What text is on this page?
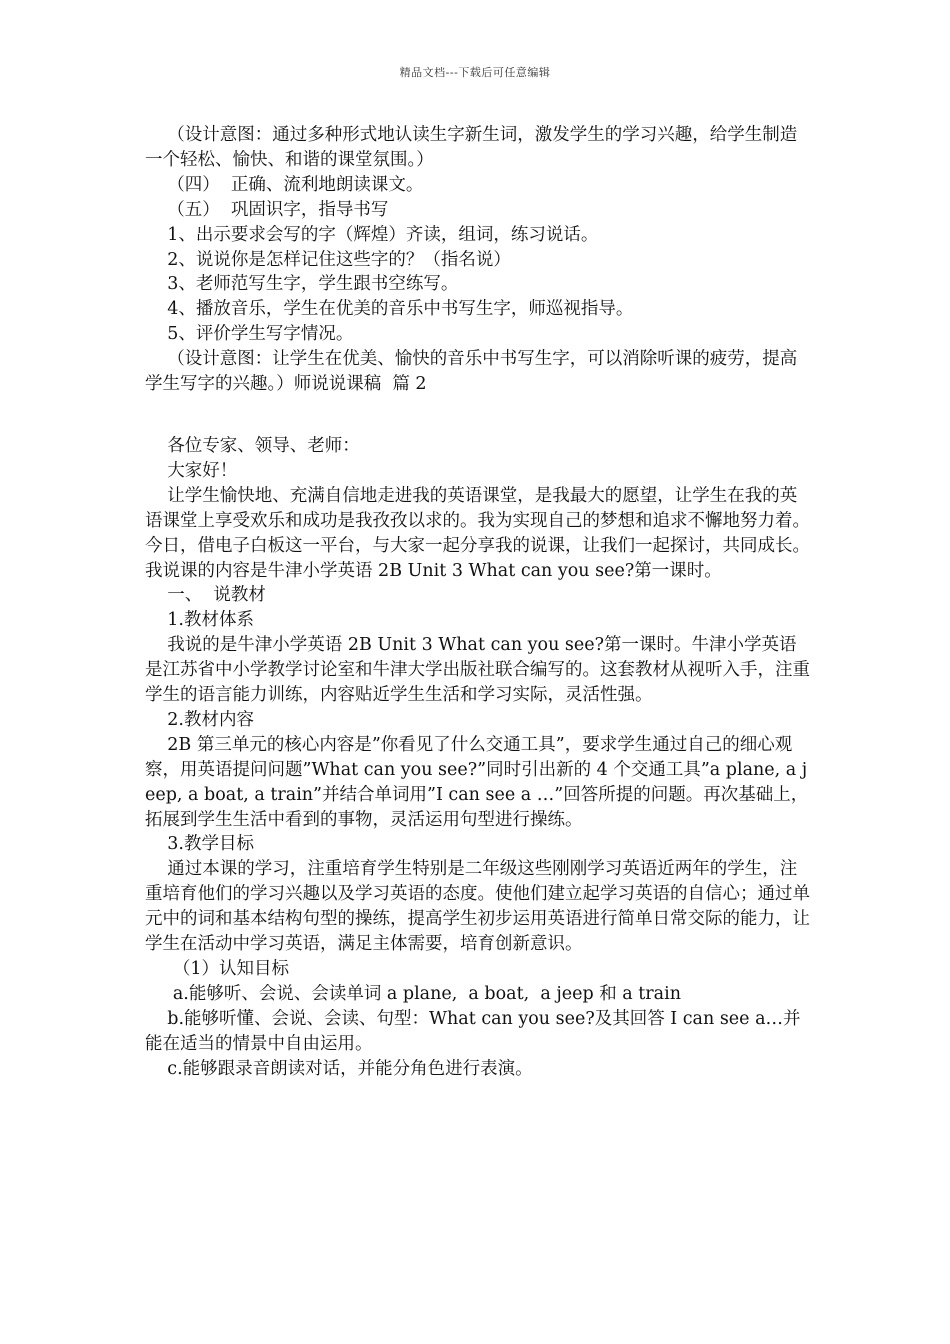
精品文档---下载后可任意编辑

（设计意图：通过多种形式地认读生字新生词，激发学生的学习兴趣，给学生制造一个轻松、愉快、和谐的课堂氛围。）

（四）  正确、流利地朗读课文。

（五）  巩固识字，指导书写

1、出示要求会写的字（辉煌）齐读，组词，练习说话。

2、说说你是怎样记住这些字的？（指名说）

3、老师范写生字，学生跟书空练写。

4、播放音乐，学生在优美的音乐中书写生字，师巡视指导。

5、评价学生写字情况。

（设计意图：让学生在优美、愉快的音乐中书写生字，可以消除听课的疲劳，提高学生写字的兴趣。）师说说课稿  篇 2

各位专家、领导、老师：

大家好！

让学生愉快地、充满自信地走进我的英语课堂，是我最大的愿望，让学生在我的英语课堂上享受欢乐和成功是我孜孜以求的。我为实现自己的梦想和追求不懈地努力着。今日，借电子白板这一平台，与大家一起分享我的说课，让我们一起探讨，共同成长。我说课的内容是牛津小学英语 2B Unit 3 What can you see?第一课时。

一、  说教材

1.教材体系

我说的是牛津小学英语 2B Unit 3 What can you see?第一课时。牛津小学英语是江苏省中小学教学讨论室和牛津大学出版社联合编写的。这套教材从视听入手，注重学生的语言能力训练，内容贴近学生生活和学习实际，灵活性强。

2.教材内容

2B 第三单元的核心内容是”你看见了什么交通工具”，要求学生通过自己的细心观察，用英语提问问题”What can you see?”同时引出新的 4 个交通工具”a plane, a jeep, a boat, a train”并结合单词用”I can see a …”回答所提的问题。再次基础上，拓展到学生生活中看到的事物，灵活运用句型进行操练。

3.教学目标

通过本课的学习，注重培育学生特别是二年级这些刚刚学习英语近两年的学生，注重培育他们的学习兴趣以及学习英语的态度。使他们建立起学习英语的自信心；通过单元中的词和基本结构句型的操练，提高学生初步运用英语进行简单日常交际的能力，让学生在活动中学习英语，满足主体需要，培育创新意识。

（1）认知目标

a.能够听、会说、会读单词 a plane,  a boat,  a jeep 和 a train

b.能够听懂、会说、会读、句型：What can you see?及其回答 I can see a…并能在适当的情景中自由运用。

c.能够跟录音朗读对话，并能分角色进行表演。
